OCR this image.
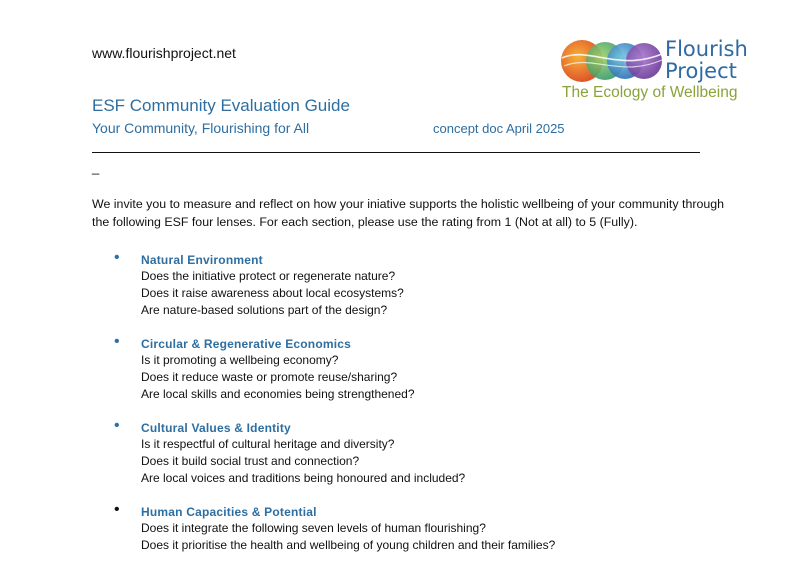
www.flourishproject.net	Flourish
Project
The Ecology of Wellbeing
ESF Community Evaluation Guide
Your Community, Flourishing for All	concept doc April 2025
_
We invite you to measure and reflect on how your iniative supports the holistic wellbeing of your community through the following ESF four lenses. For each section, please use the rating from 1 (Not at all) to 5 (Fully).
• Natural Environment
Does the initiative protect or regenerate nature?
Does it raise awareness about local ecosystems?
Are nature-based solutions part of the design?
• Circular & Regenerative Economics
Is it promoting a wellbeing economy?
Does it reduce waste or promote reuse/sharing?
Are local skills and economies being strengthened?
• Cultural Values & Identity
Is it respectful of cultural heritage and diversity?
Does it build social trust and connection?
Are local voices and traditions being honoured and included?
• Human Capacities & Potential
Does it integrate the following seven levels of human flourishing?
Does it prioritise the health and wellbeing of young children and their families?
